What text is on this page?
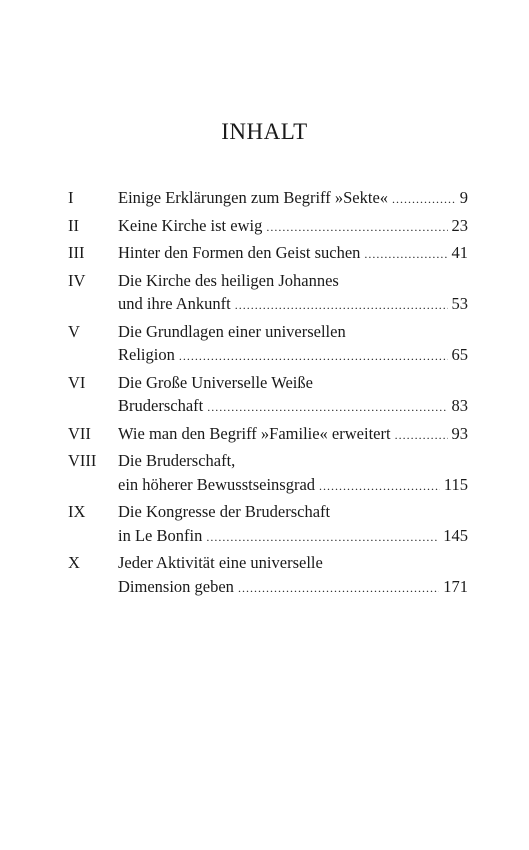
INHALT
I	Einige Erklärungen zum Begriff »Sekte« .....	9
II	Keine Kirche ist ewig .....	23
III	Hinter den Formen den Geist suchen .....	41
IV	Die Kirche des heiligen Johannes
und ihre Ankunft .....	53
V	Die Grundlagen einer universellen
Religion .....	65
VI	Die Große Universelle Weiße
Bruderschaft .....	83
VII	Wie man den Begriff »Familie« erweitert .....	93
VIII	Die Bruderschaft,
ein höherer Bewusstseinsgrad .....	115
IX	Die Kongresse der Bruderschaft
in Le Bonfin .....	145
X	Jeder Aktivität eine universelle
Dimension geben .....	171
